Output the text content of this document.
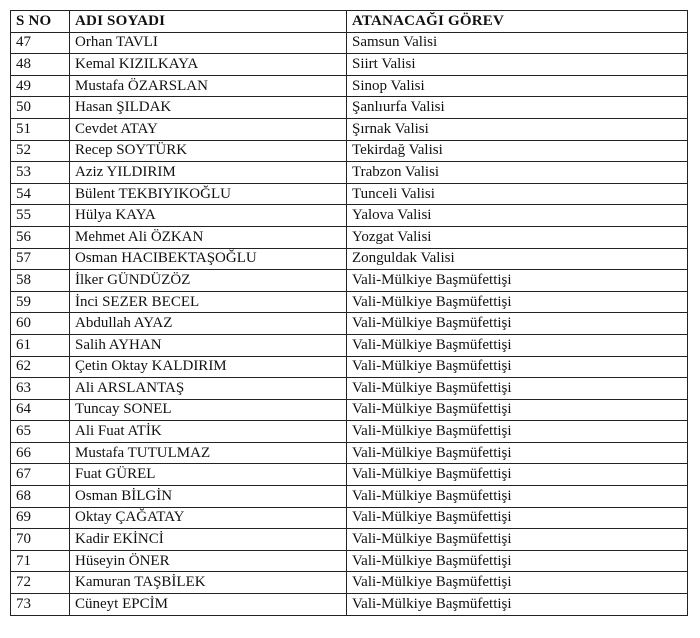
S NO	ADI SOYADI	ATANACAĞI GÖREV
47	Orhan TAVLI	Samsun Valisi
48	Kemal KIZILKAYA	Siirt Valisi
49	Mustafa ÖZARSLAN	Sinop Valisi
50	Hasan ŞILDAK	Şanlıurfa Valisi
51	Cevdet ATAY	Şırnak Valisi
52	Recep SOYTÜRK	Tekirdağ Valisi
53	Aziz YILDIRIM	Trabzon Valisi
54	Bülent TEKBIYIKOĞLU	Tunceli Valisi
55	Hülya KAYA	Yalova Valisi
56	Mehmet Ali ÖZKAN	Yozgat Valisi
57	Osman HACIBEKTAŞOĞLU	Zonguldak Valisi
58	İlker GÜNDÜZÖZ	Vali-Mülkiye Başmüfettişi
59	İnci SEZER BECEL	Vali-Mülkiye Başmüfettişi
60	Abdullah AYAZ	Vali-Mülkiye Başmüfettişi
61	Salih AYHAN	Vali-Mülkiye Başmüfettişi
62	Çetin Oktay KALDIRIM	Vali-Mülkiye Başmüfettişi
63	Ali ARSLANTAŞ	Vali-Mülkiye Başmüfettişi
64	Tuncay SONEL	Vali-Mülkiye Başmüfettişi
65	Ali Fuat ATİK	Vali-Mülkiye Başmüfettişi
66	Mustafa TUTULMAZ	Vali-Mülkiye Başmüfettişi
67	Fuat GÜREL	Vali-Mülkiye Başmüfettişi
68	Osman BİLGİN	Vali-Mülkiye Başmüfettişi
69	Oktay ÇAĞATAY	Vali-Mülkiye Başmüfettişi
70	Kadir EKİNCİ	Vali-Mülkiye Başmüfettişi
71	Hüseyin ÖNER	Vali-Mülkiye Başmüfettişi
72	Kamuran TAŞBİLEK	Vali-Mülkiye Başmüfettişi
73	Cüneyt EPCİM	Vali-Mülkiye Başmüfettişi
